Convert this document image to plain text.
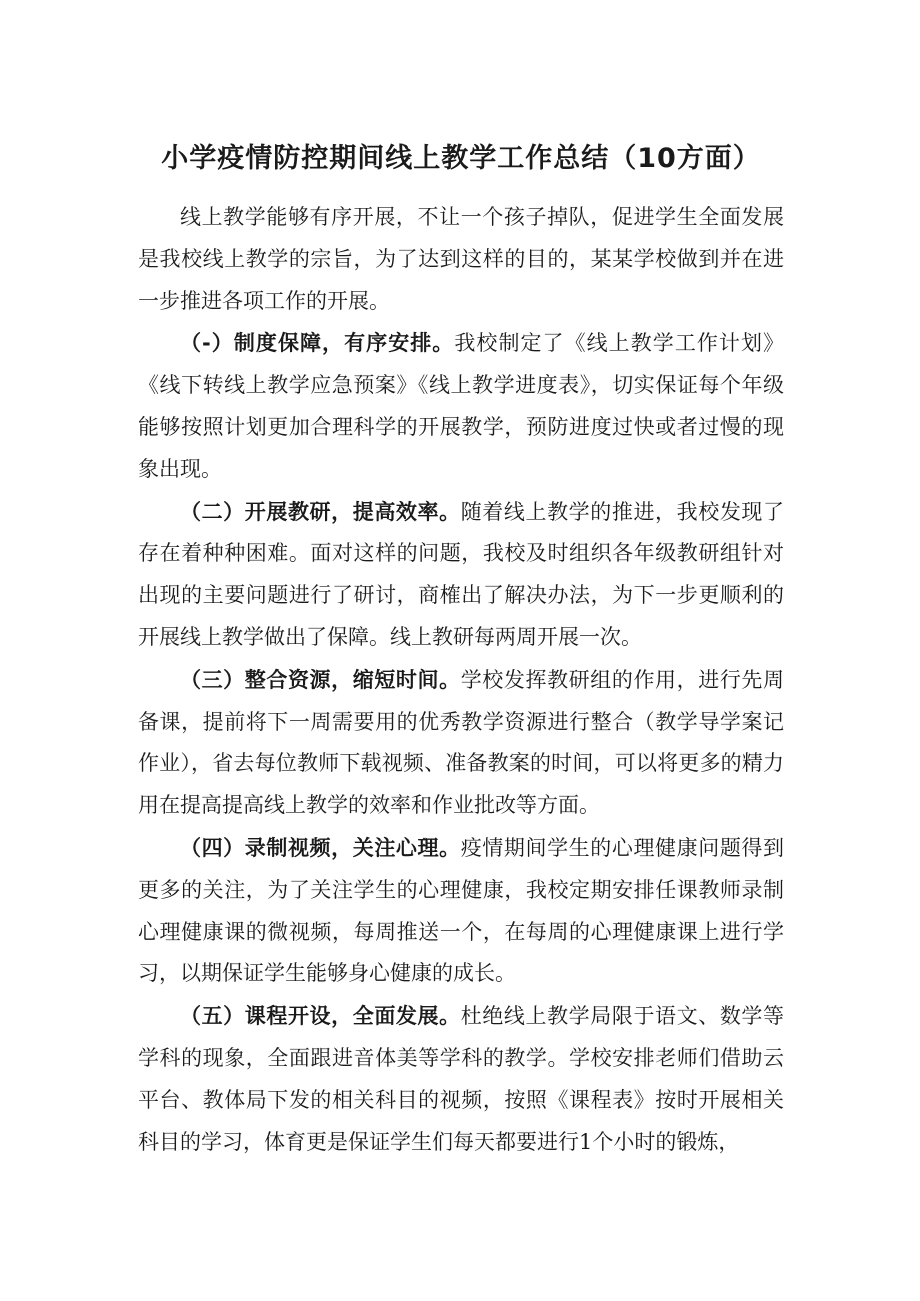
小学疫情防控期间线上教学工作总结（10方面）

线上教学能够有序开展，不让一个孩子掉队，促进学生全面发展是我校线上教学的宗旨，为了达到这样的目的，某某学校做到并在进一步推进各项工作的开展。

（-）制度保障，有序安排。我校制定了《线上教学工作计划》《线下转线上教学应急预案》《线上教学进度表》，切实保证每个年级能够按照计划更加合理科学的开展教学，预防进度过快或者过慢的现象出现。

（二）开展教研，提高效率。随着线上教学的推进，我校发现了存在着种种困难。面对这样的问题，我校及时组织各年级教研组针对出现的主要问题进行了研讨，商榷出了解决办法，为下一步更顺利的开展线上教学做出了保障。线上教研每两周开展一次。

（三）整合资源，缩短时间。学校发挥教研组的作用，进行先周备课，提前将下一周需要用的优秀教学资源进行整合（教学导学案记作业），省去每位教师下载视频、准备教案的时间，可以将更多的精力用在提高提高线上教学的效率和作业批改等方面。

（四）录制视频，关注心理。疫情期间学生的心理健康问题得到更多的关注，为了关注学生的心理健康，我校定期安排任课教师录制心理健康课的微视频，每周推送一个，在每周的心理健康课上进行学习，以期保证学生能够身心健康的成长。

（五）课程开设，全面发展。杜绝线上教学局限于语文、数学等学科的现象，全面跟进音体美等学科的教学。学校安排老师们借助云平台、教体局下发的相关科目的视频，按照《课程表》按时开展相关科目的学习，体育更是保证学生们每天都要进行1个小时的锻炼，
